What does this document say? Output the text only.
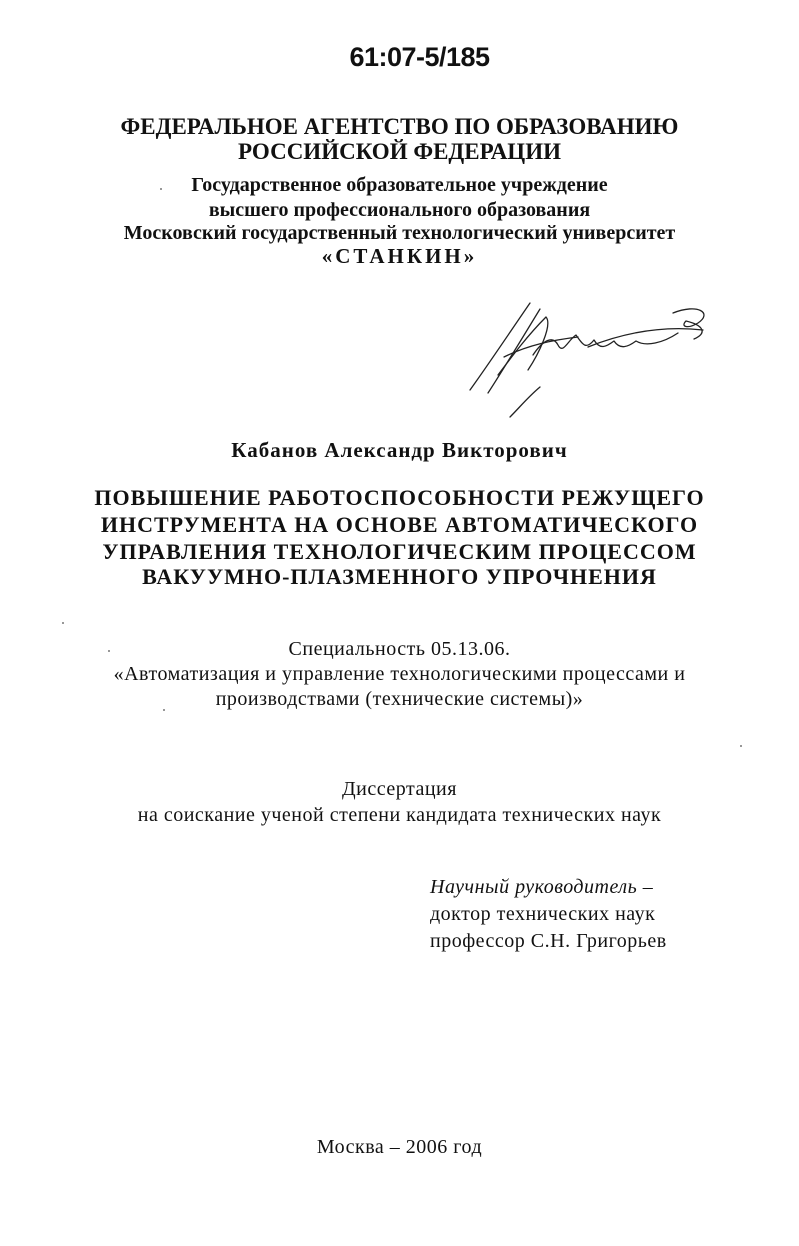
61:07-5/185
ФЕДЕРАЛЬНОЕ АГЕНТСТВО ПО ОБРАЗОВАНИЮ
РОССИЙСКОЙ ФЕДЕРАЦИИ
Государственное образовательное учреждение
высшего профессионального образования
Московский государственный технологический университет
«СТАНКИН»
Кабанов Александр Викторович
ПОВЫШЕНИЕ РАБОТОСПОСОБНОСТИ РЕЖУЩЕГО
ИНСТРУМЕНТА НА ОСНОВЕ АВТОМАТИЧЕСКОГО
УПРАВЛЕНИЯ ТЕХНОЛОГИЧЕСКИМ ПРОЦЕССОМ
ВАКУУМНО-ПЛАЗМЕННОГО УПРОЧНЕНИЯ
Специальность 05.13.06.
«Автоматизация и управление технологическими процессами и
производствами (технические системы)»
Диссертация
на соискание ученой степени кандидата технических наук
Научный руководитель –
доктор технических наук
профессор С.Н. Григорьев
Москва – 2006 год
